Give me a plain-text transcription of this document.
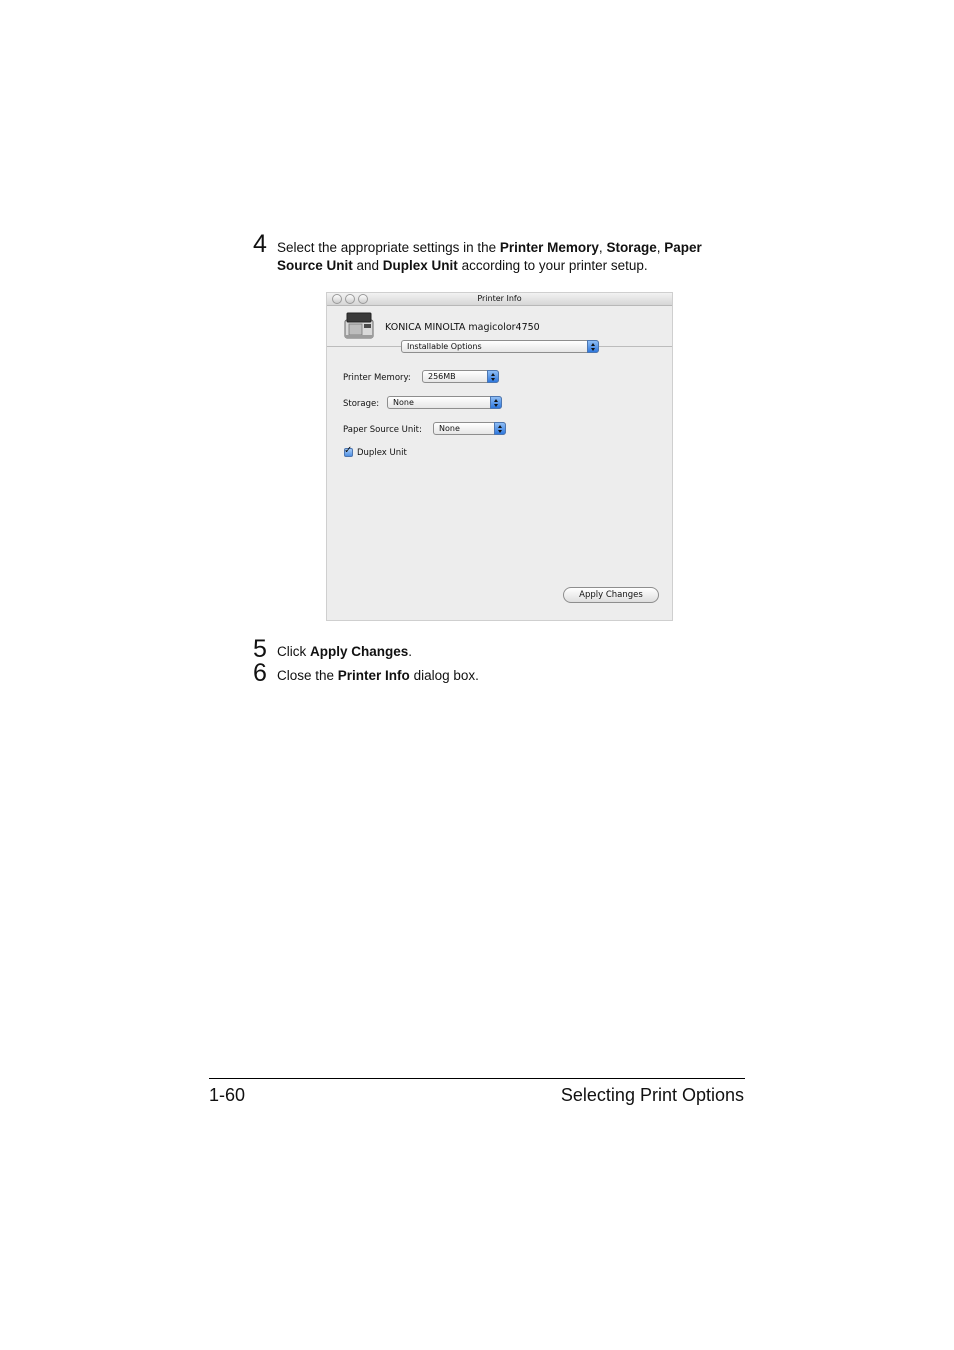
4 Select the appropriate settings in the Printer Memory, Storage, Paper Source Unit and Duplex Unit according to your printer setup.
Printer Info
KONICA MINOLTA magicolor4750
Installable Options
Printer Memory: 256MB
Storage: None
Paper Source Unit: None
✓ Duplex Unit
Apply Changes
5 Click Apply Changes.
6 Close the Printer Info dialog box.
1-60	Selecting Print Options
